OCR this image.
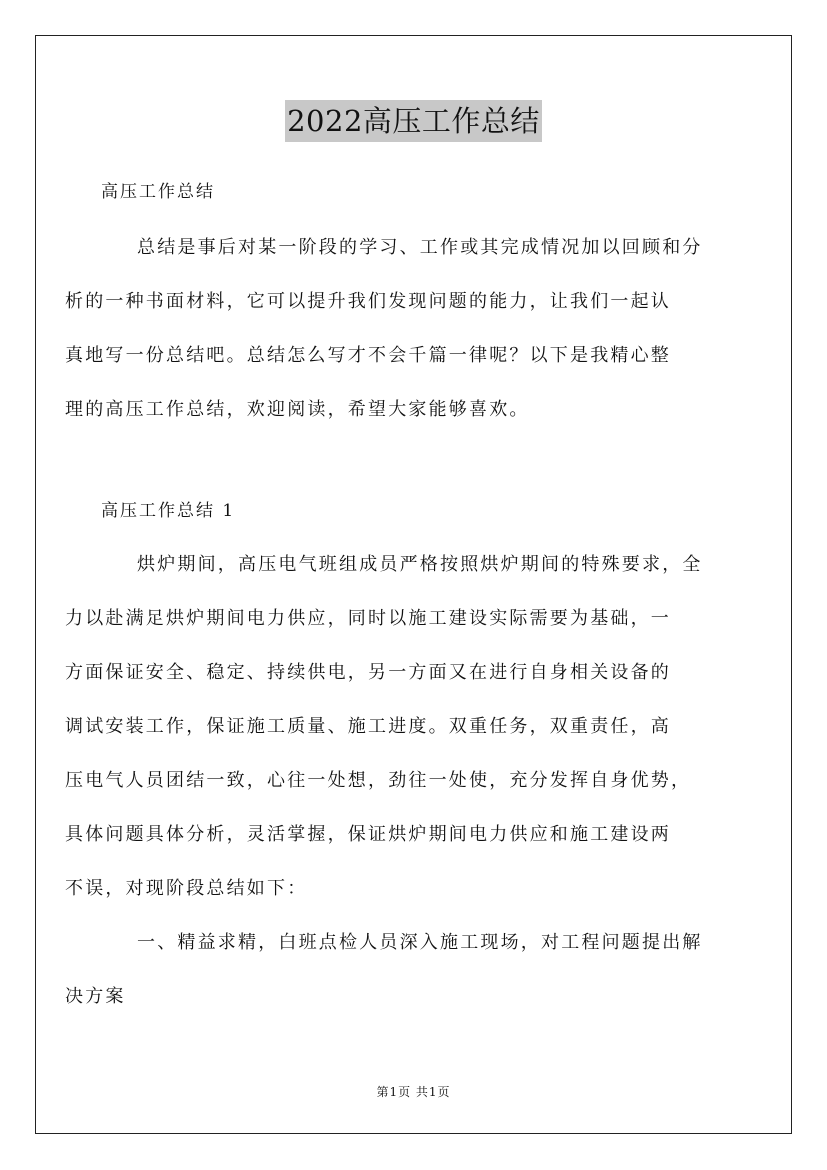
2022高压工作总结

高压工作总结

总结是事后对某一阶段的学习、工作或其完成情况加以回顾和分
析的一种书面材料，它可以提升我们发现问题的能力，让我们一起认
真地写一份总结吧。总结怎么写才不会千篇一律呢？以下是我精心整
理的高压工作总结，欢迎阅读，希望大家能够喜欢。

高压工作总结 1

烘炉期间，高压电气班组成员严格按照烘炉期间的特殊要求，全
力以赴满足烘炉期间电力供应，同时以施工建设实际需要为基础，一
方面保证安全、稳定、持续供电，另一方面又在进行自身相关设备的
调试安装工作，保证施工质量、施工进度。双重任务，双重责任，高
压电气人员团结一致，心往一处想，劲往一处使，充分发挥自身优势，
具体问题具体分析，灵活掌握，保证烘炉期间电力供应和施工建设两
不误，对现阶段总结如下：

一、精益求精，白班点检人员深入施工现场，对工程问题提出解
决方案

第1页 共1页
